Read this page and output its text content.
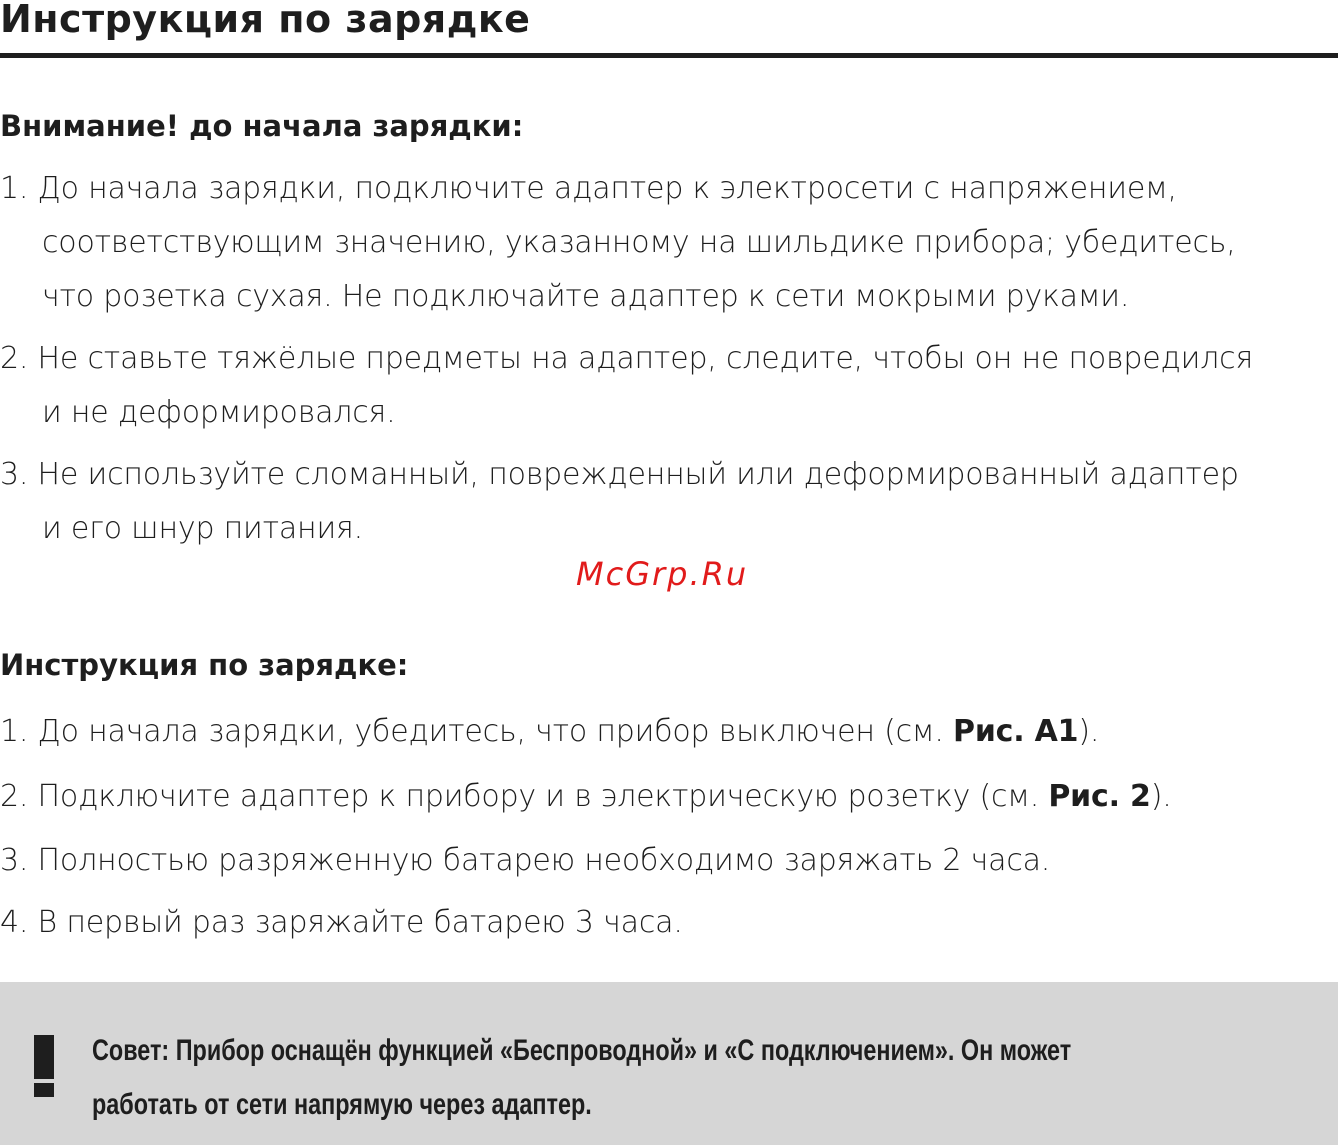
Инструкция по зарядке
Внимание! до начала зарядки:
1. До начала зарядки, подключите адаптер к электросети с напряжением,
соответствующим значению, указанному на шильдике прибора; убедитесь,
что розетка сухая. Не подключайте адаптер к сети мокрыми руками.
2. Не ставьте тяжёлые предметы на адаптер, следите, чтобы он не повредился
и не деформировался.
3. Не используйте сломанный, поврежденный или деформированный адаптер
и его шнур питания.
McGrp.Ru
Инструкция по зарядке:
1. До начала зарядки, убедитесь, что прибор выключен (см. Рис. А1).
2. Подключите адаптер к прибору и в электрическую розетку (см. Рис. 2).
3. Полностью разряженную батарею необходимо заряжать 2 часа.
4. В первый раз заряжайте батарею 3 часа.
Совет: Прибор оснащён функцией «Беспроводной» и «С подключением». Он может
работать от сети напрямую через адаптер.
